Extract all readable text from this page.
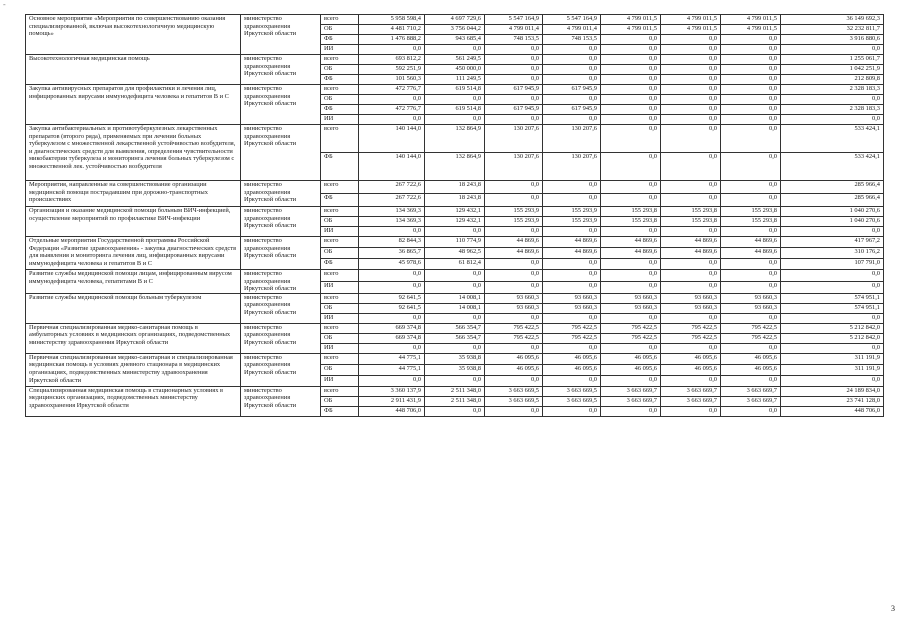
-
Основное мероприятие «Мероприятия по совершенствованию оказания специализированной, включая высокотехнологичную медицинскую помощь»	министерство здравоохранения Иркутской области	всего	5 958 598,4	4 697 729,6	5 547 164,9	5 547 164,9	4 799 011,5	4 799 011,5	4 799 011,5	36 149 692,3
		ОБ	4 481 710,2	3 756 044,2	4 799 011,4	4 799 011,4	4 799 011,5	4 799 011,5	4 799 011,5	32 232 811,7
		ФБ	1 476 888,2	943 685,4	748 153,5	748 153,5	0,0	0,0	0,0	3 916 880,6
		ИИ	0,0	0,0	0,0	0,0	0,0	0,0	0,0	0,0
Высокотехнологичная медицинская помощь	министерство здравоохранения Иркутской области	всего	693 812,2	561 249,5	0,0	0,0	0,0	0,0	0,0	1 255 061,7
		ОБ	592 251,9	450 000,0	0,0	0,0	0,0	0,0	0,0	1 042 251,9
		ФБ	101 560,3	111 249,5	0,0	0,0	0,0	0,0	0,0	212 809,8
Закупка антивирусных препаратов для профилактики и лечения лиц, инфицированных вирусами иммунодефицита человека и гепатитов B и C	министерство здравоохранения Иркутской области	всего	472 776,7	619 514,8	617 945,9	617 945,9	0,0	0,0	0,0	2 328 183,3
		ОБ	0,0	0,0	0,0	0,0	0,0	0,0	0,0	0,0
		ФБ	472 776,7	619 514,8	617 945,9	617 945,9	0,0	0,0	0,0	2 328 183,3
		ИИ	0,0	0,0	0,0	0,0	0,0	0,0	0,0	0,0
Закупка антибактериальных и противотуберкулезных лекарственных препаратов (второго ряда), применяемых при лечении больных туберкулезом с множественной лекарственной устойчивостью возбудителя, и диагностических средств для выявления, определения чувствительности микобактерии туберкулеза и мониторинга лечения больных туберкулезом с множественной лек. устойчивостью возбудителя	министерство здравоохранения Иркутской области	всего	140 144,0	132 864,9	130 207,6	130 207,6	0,0	0,0	0,0	533 424,1
		ФБ	140 144,0	132 864,9	130 207,6	130 207,6	0,0	0,0	0,0	533 424,1
Мероприятия, направленные на совершенствование организации медицинской помощи пострадавшим при дорожно-транспортных происшествиях	министерство здравоохранения Иркутской области	всего	267 722,6	18 243,8	0,0	0,0	0,0	0,0	0,0	285 966,4
		ФБ	267 722,6	18 243,8	0,0	0,0	0,0	0,0	0,0	285 966,4
Организация и оказание медицинской помощи больным ВИЧ-инфекцией, осуществление мероприятий по профилактике ВИЧ-инфекции	министерство здравоохранения Иркутской области	всего	134 369,3	129 432,1	155 293,9	155 293,9	155 293,8	155 293,8	155 293,8	1 040 270,6
		ОБ	134 369,3	129 432,1	155 293,9	155 293,9	155 293,8	155 293,8	155 293,8	1 040 270,6
		ИИ	0,0	0,0	0,0	0,0	0,0	0,0	0,0	0,0
Отдельные мероприятия Государственной программы Российской Федерации «Развитие здравоохранения» - закупка диагностических средств для выявления и мониторинга лечения лиц, инфицированных вирусами иммунодефицита человека и гепатитов B и C	министерство здравоохранения Иркутской области	всего	82 844,3	110 774,9	44 869,6	44 869,6	44 869,6	44 869,6	44 869,6	417 967,2
		ОБ	36 865,7	48 962,5	44 869,6	44 869,6	44 869,6	44 869,6	44 869,6	310 176,2
		ФБ	45 978,6	61 812,4	0,0	0,0	0,0	0,0	0,0	107 791,0
Развитие службы медицинской помощи лицам, инфицированным вирусом иммунодефицита человека, гепатитами B и C	министерство здравоохранения Иркутской области	всего	0,0	0,0	0,0	0,0	0,0	0,0	0,0	0,0
		ИИ	0,0	0,0	0,0	0,0	0,0	0,0	0,0	0,0
Развитие службы медицинской помощи больным туберкулезом	министерство здравоохранения Иркутской области	всего	92 641,5	14 008,1	93 660,3	93 660,3	93 660,3	93 660,3	93 660,3	574 951,1
		ОБ	92 641,5	14 008,1	93 660,3	93 660,3	93 660,3	93 660,3	93 660,3	574 951,1
		ИИ	0,0	0,0	0,0	0,0	0,0	0,0	0,0	0,0
Первичная специализированная медико-санитарная помощь в амбулаторных условиях в медицинских организациях, подведомственных министерству здравоохранения Иркутской области	министерство здравоохранения Иркутской области	всего	669 374,8	566 354,7	795 422,5	795 422,5	795 422,5	795 422,5	795 422,5	5 212 842,0
		ОБ	669 374,8	566 354,7	795 422,5	795 422,5	795 422,5	795 422,5	795 422,5	5 212 842,0
		ИИ	0,0	0,0	0,0	0,0	0,0	0,0	0,0	0,0
Первичная специализированная медико-санитарная и специализированная медицинская помощь в условиях дневного стационара в медицинских организациях, подведомственных министерству здравоохранения Иркутской области	министерство здравоохранения Иркутской области	всего	44 775,1	35 938,8	46 095,6	46 095,6	46 095,6	46 095,6	46 095,6	311 191,9
		ОБ	44 775,1	35 938,8	46 095,6	46 095,6	46 095,6	46 095,6	46 095,6	311 191,9
		ИИ	0,0	0,0	0,0	0,0	0,0	0,0	0,0	0,0
Специализированная медицинская помощь в стационарных условиях в медицинских организациях, подведомственных министерству здравоохранения Иркутской области	министерство здравоохранения Иркутской области	всего	3 360 137,9	2 511 348,0	3 663 669,5	3 663 669,5	3 663 669,7	3 663 669,7	3 663 669,7	24 189 834,0
		ОБ	2 911 431,9	2 511 348,0	3 663 669,5	3 663 669,5	3 663 669,7	3 663 669,7	3 663 669,7	23 741 128,0
		ФБ	448 706,0	0,0	0,0	0,0	0,0	0,0	0,0	448 706,0
3
